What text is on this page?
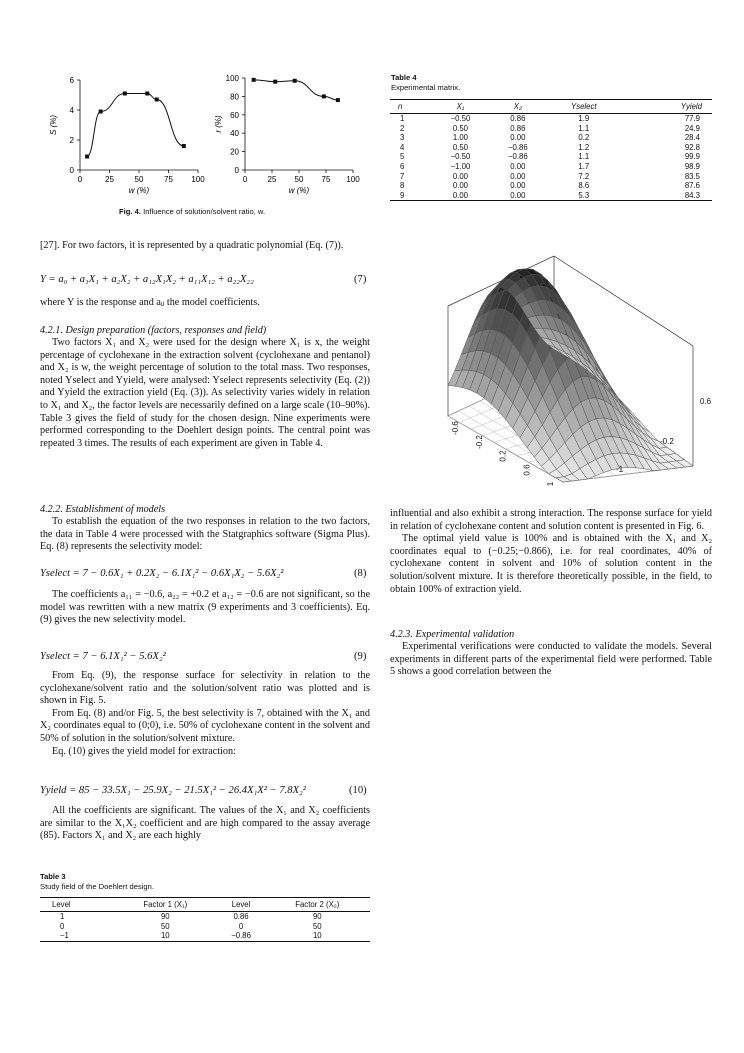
0
2
4
6
0	25	50	75 100
w (%)
S (%)
0
20
40
60
80
100
0	25 50 75 100
w (%)
r (%)
Fig. 4. Influence of solution/solvent ratio, w.
Table 4
Experimental matrix.
n	X₁	X₂	Yselect	Yyield
1	−0.50	0.86	1.9	77.9
2	0.50	0.86	1.1	24.9
3	1.00	0.00	0.2	28.4
4	0.50	−0.86	1.2	92.8
5	−0.50	−0.86	1.1	99.9
6	−1.00	0.00	1.7	98.9
7	0.00	0.00	7.2	83.5
8	0.00	0.00	8.6	87.6
9	0.00	0.00	5.3	84.3
-0.6
-0.2
0.2
0.6
1
0.6
-0.2
-1

[27]. For two factors, it is represented by a quadratic polynomial (Eq. (7)).

Y = a₀ + a₁X₁ + a₂X₂ + a₁₂X₁X₂ + a₁₁X₁₂ + a₂₂X₂₂	(7)

where Y is the response and aᵢⱼ the model coefficients.

4.2.1. Design preparation (factors, responses and field)

Two factors X₁ and X₂ were used for the design where X₁ is x, the weight percentage of cyclohexane in the extraction solvent (cyclohexane and pentanol) and X₂ is w, the weight percentage of solution to the total mass. Two responses, noted Yselect and Yyield, were analysed: Yselect represents selectivity (Eq. (2)) and Yyield the extraction yield (Eq. (3)). As selectivity varies widely in relation to X₁ and X₂, the factor levels are necessarily defined on a large scale (10–90%). Table 3 gives the field of study for the chosen design. Nine experiments were performed corresponding to the Doehlert design points. The central point was repeated 3 times. The results of each experiment are given in Table 4.

4.2.2. Establishment of models

To establish the equation of the two responses in relation to the two factors, the data in Table 4 were processed with the Statgraphics software (Sigma Plus). Eq. (8) represents the selectivity model:

Yselect = 7 − 0.6X₁ + 0.2X₂ − 6.1X₁² − 0.6X₁X₂ − 5.6X₂²	(8)

The coefficients a₁₁ = −0.6, a₂₂ = +0.2 et a₁₂ = −0.6 are not significant, so the model was rewritten with a new matrix (9 experiments and 3 coefficients). Eq. (9) gives the new selectivity model.

Yselect = 7 − 6.1X₁² − 5.6X₂²	(9)

From Eq. (9), the response surface for selectivity in relation to the cyclohexane/solvent ratio and the solution/solvent ratio was plotted and is shown in Fig. 5.

From Eq. (8) and/or Fig. 5, the best selectivity is 7, obtained with the X₁ and X₂ coordinates equal to (0;0), i.e. 50% of cyclohexane content in the solvent and 50% of solution in the solution/solvent mixture.

Eq. (10) gives the yield model for extraction:

Yyield = 85 − 33.5X₁ − 25.9X₂ − 21.5X₁² − 26.4X₁X² − 7.8X₂²	(10)

All the coefficients are significant. The values of the X₁ and X₂ coefficients are similar to the X₁X₂ coefficient and are high compared to the assay average (85). Factors X₁ and X₂ are each highly

Table 3
Study field of the Doehlert design.
Level	Factor 1 (X₁)	Level	Factor 2 (X₂)
1	90	0.86	90
0	50	0	50
−1	10	−0.86	10

influential and also exhibit a strong interaction. The response surface for yield in relation of cyclohexane content and solution content is presented in Fig. 6.

The optimal yield value is 100% and is obtained with the X₁ and X₂ coordinates equal to (−0.25;−0.866), i.e. for real coordinates, 40% of cyclohexane content in solvent and 10% of solution content in the solution/solvent mixture. It is therefore theoretically possible, in the field, to obtain 100% of extraction yield.

4.2.3. Experimental validation

Experimental verifications were conducted to validate the models. Several experiments in different parts of the experimental field were performed. Table 5 shows a good correlation between the
